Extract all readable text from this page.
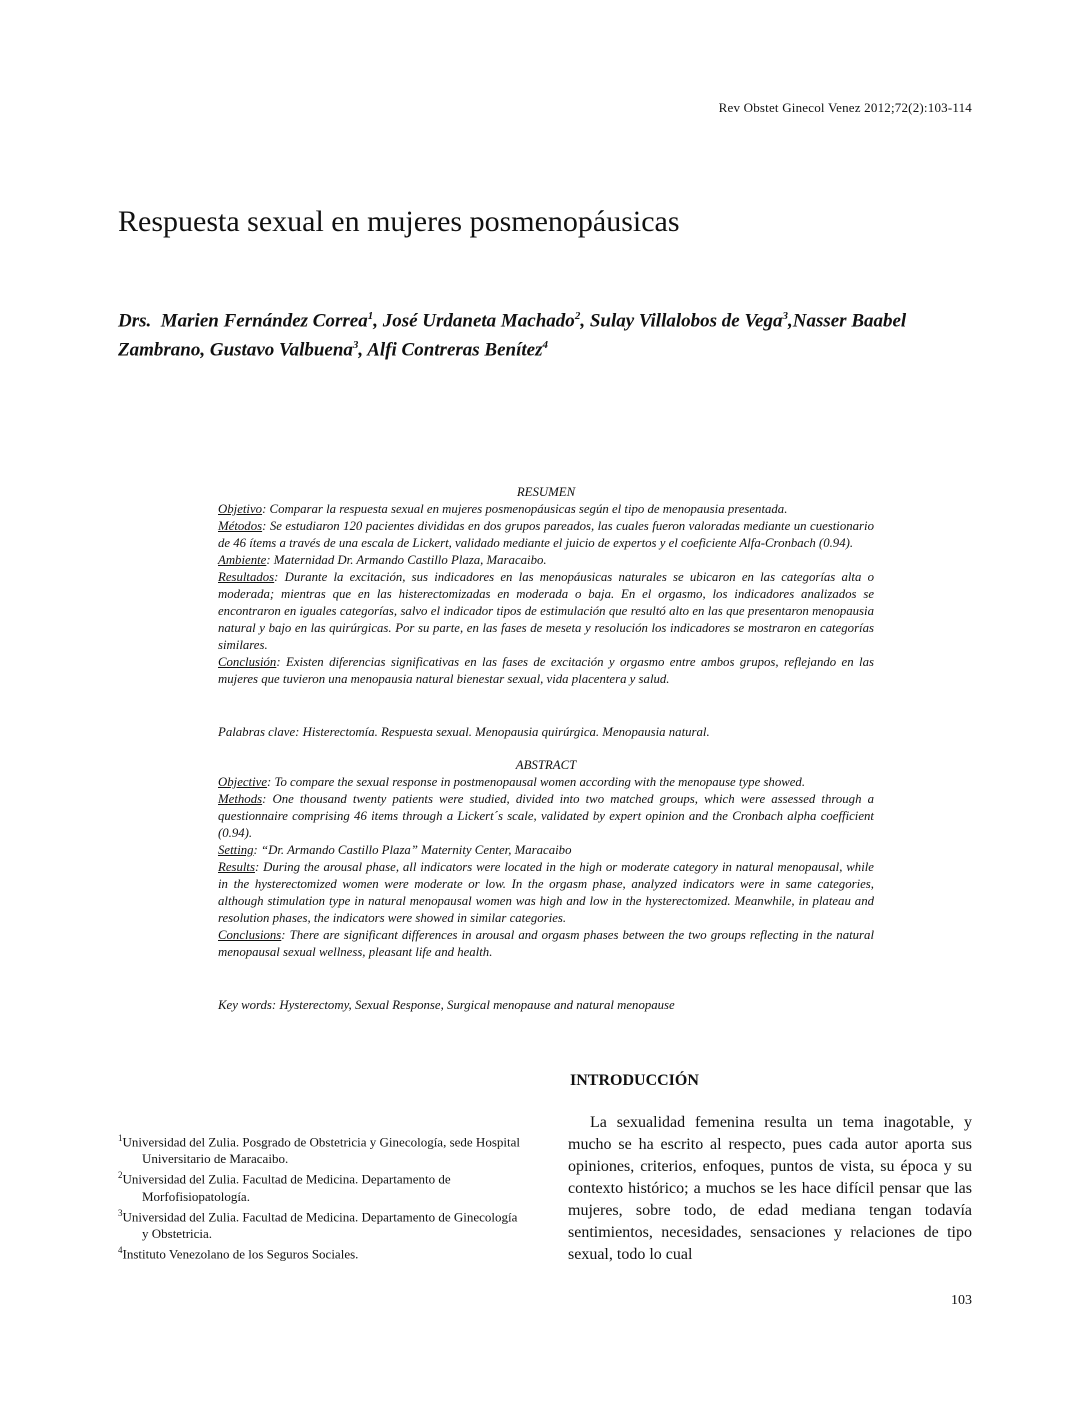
Rev Obstet Ginecol Venez 2012;72(2):103-114
Respuesta sexual en mujeres posmenopáusicas
Drs. Marien Fernández Correa$^1$, José Urdaneta Machado$^2$, Sulay Villalobos de Vega$^3$,Nasser Baabel Zambrano, Gustavo Valbuena$^3$, Alfi Contreras Benítez$^4$

RESUMEN

Objetivo: Comparar la respuesta sexual en mujeres posmenopáusicas según el tipo de menopausia presentada.

Métodos: Se estudiaron 120 pacientes divididas en dos grupos pareados, las cuales fueron valoradas mediante un cuestionario de 46 ítems a través de una escala de Lickert, validado mediante el juicio de expertos y el coeficiente Alfa-Cronbach (0.94).

Ambiente: Maternidad Dr. Armando Castillo Plaza, Maracaibo.

Resultados: Durante la excitación, sus indicadores en las menopáusicas naturales se ubicaron en las categorías alta o moderada; mientras que en las histerectomizadas en moderada o baja. En el orgasmo, los indicadores analizados se encontraron en iguales categorías, salvo el indicador tipos de estimulación que resultó alto en las que presentaron menopausia natural y bajo en las quirúrgicas. Por su parte, en las fases de meseta y resolución los indicadores se mostraron en categorías similares.

Conclusión: Existen diferencias significativas en las fases de excitación y orgasmo entre ambos grupos, reflejando en las mujeres que tuvieron una menopausia natural bienestar sexual, vida placentera y salud.

Palabras clave: Histerectomía. Respuesta sexual. Menopausia quirúrgica. Menopausia natural.

ABSTRACT

Objective: To compare the sexual response in postmenopausal women according with the menopause type showed.

Methods: One thousand twenty patients were studied, divided into two matched groups, which were assessed through a questionnaire comprising 46 items through a Lickert´s scale, validated by expert opinion and the Cronbach alpha coefficient (0.94).

Setting: “Dr. Armando Castillo Plaza” Maternity Center, Maracaibo

Results: During the arousal phase, all indicators were located in the high or moderate category in natural menopausal, while in the hysterectomized women were moderate or low. In the orgasm phase, analyzed indicators were in same categories, although stimulation type in natural menopausal women was high and low in the hysterectomized. Meanwhile, in plateau and resolution phases, the indicators were showed in similar categories.

Conclusions: There are significant differences in arousal and orgasm phases between the two groups reflecting in the natural menopausal sexual wellness, pleasant life and health.

Key words: Hysterectomy, Sexual Response, Surgical menopause and natural menopause

INTRODUCCIÓN

La sexualidad femenina resulta un tema inagotable, y mucho se ha escrito al respecto, pues cada autor aporta sus opiniones, criterios, enfoques, puntos de vista, su época y su contexto histórico; a muchos se les hace difícil pensar que las mujeres, sobre todo, de edad mediana tengan todavía sentimientos, necesidades, sensaciones y relaciones de tipo sexual, todo lo cual

$^1$Universidad del Zulia. Posgrado de Obstetricia y Ginecología, sede Hospital Universitario de Maracaibo.
$^2$Universidad del Zulia. Facultad de Medicina. Departamento de Morfofisiopatología.
$^3$Universidad del Zulia. Facultad de Medicina. Departamento de Ginecología y Obstetricia.
$^4$Instituto Venezolano de los Seguros Sociales.
103
